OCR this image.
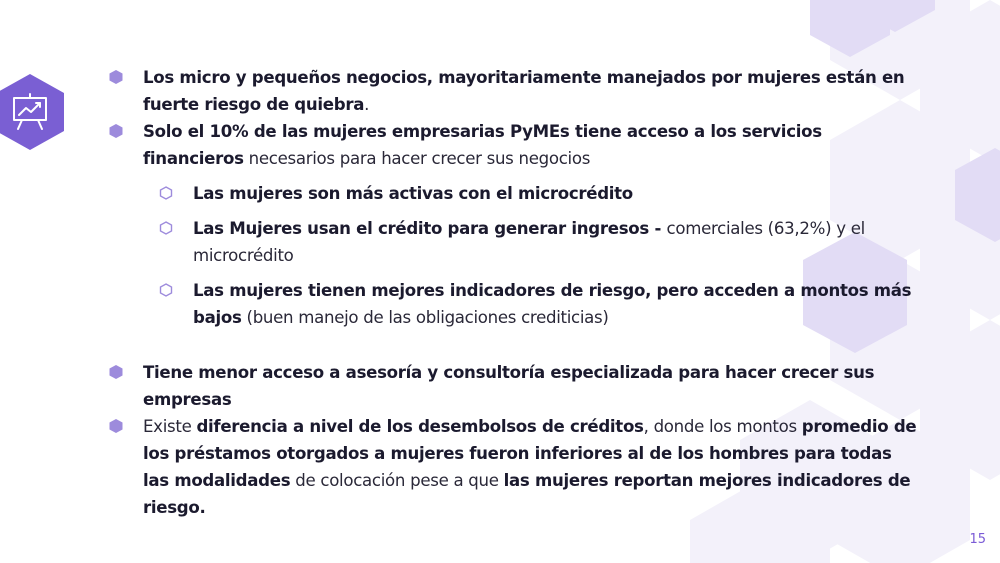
Los micro y pequeños negocios, mayoritariamente manejados por mujeres están en fuerte riesgo de quiebra.
Solo el 10% de las mujeres empresarias PyMEs tiene acceso a los servicios financieros necesarios para hacer crecer sus negocios
Las mujeres son más activas con el microcrédito
Las Mujeres usan el crédito para generar ingresos - comerciales (63,2%) y el microcrédito
Las mujeres tienen mejores indicadores de riesgo, pero acceden a montos más bajos (buen manejo de las obligaciones crediticias)
Tiene menor acceso a asesoría y consultoría especializada para hacer crecer sus empresas
Existe diferencia a nivel de los desembolsos de créditos, donde los montos promedio de los préstamos otorgados a mujeres fueron inferiores al de los hombres para todas las modalidades de colocación pese a que las mujeres reportan mejores indicadores de riesgo.
15
